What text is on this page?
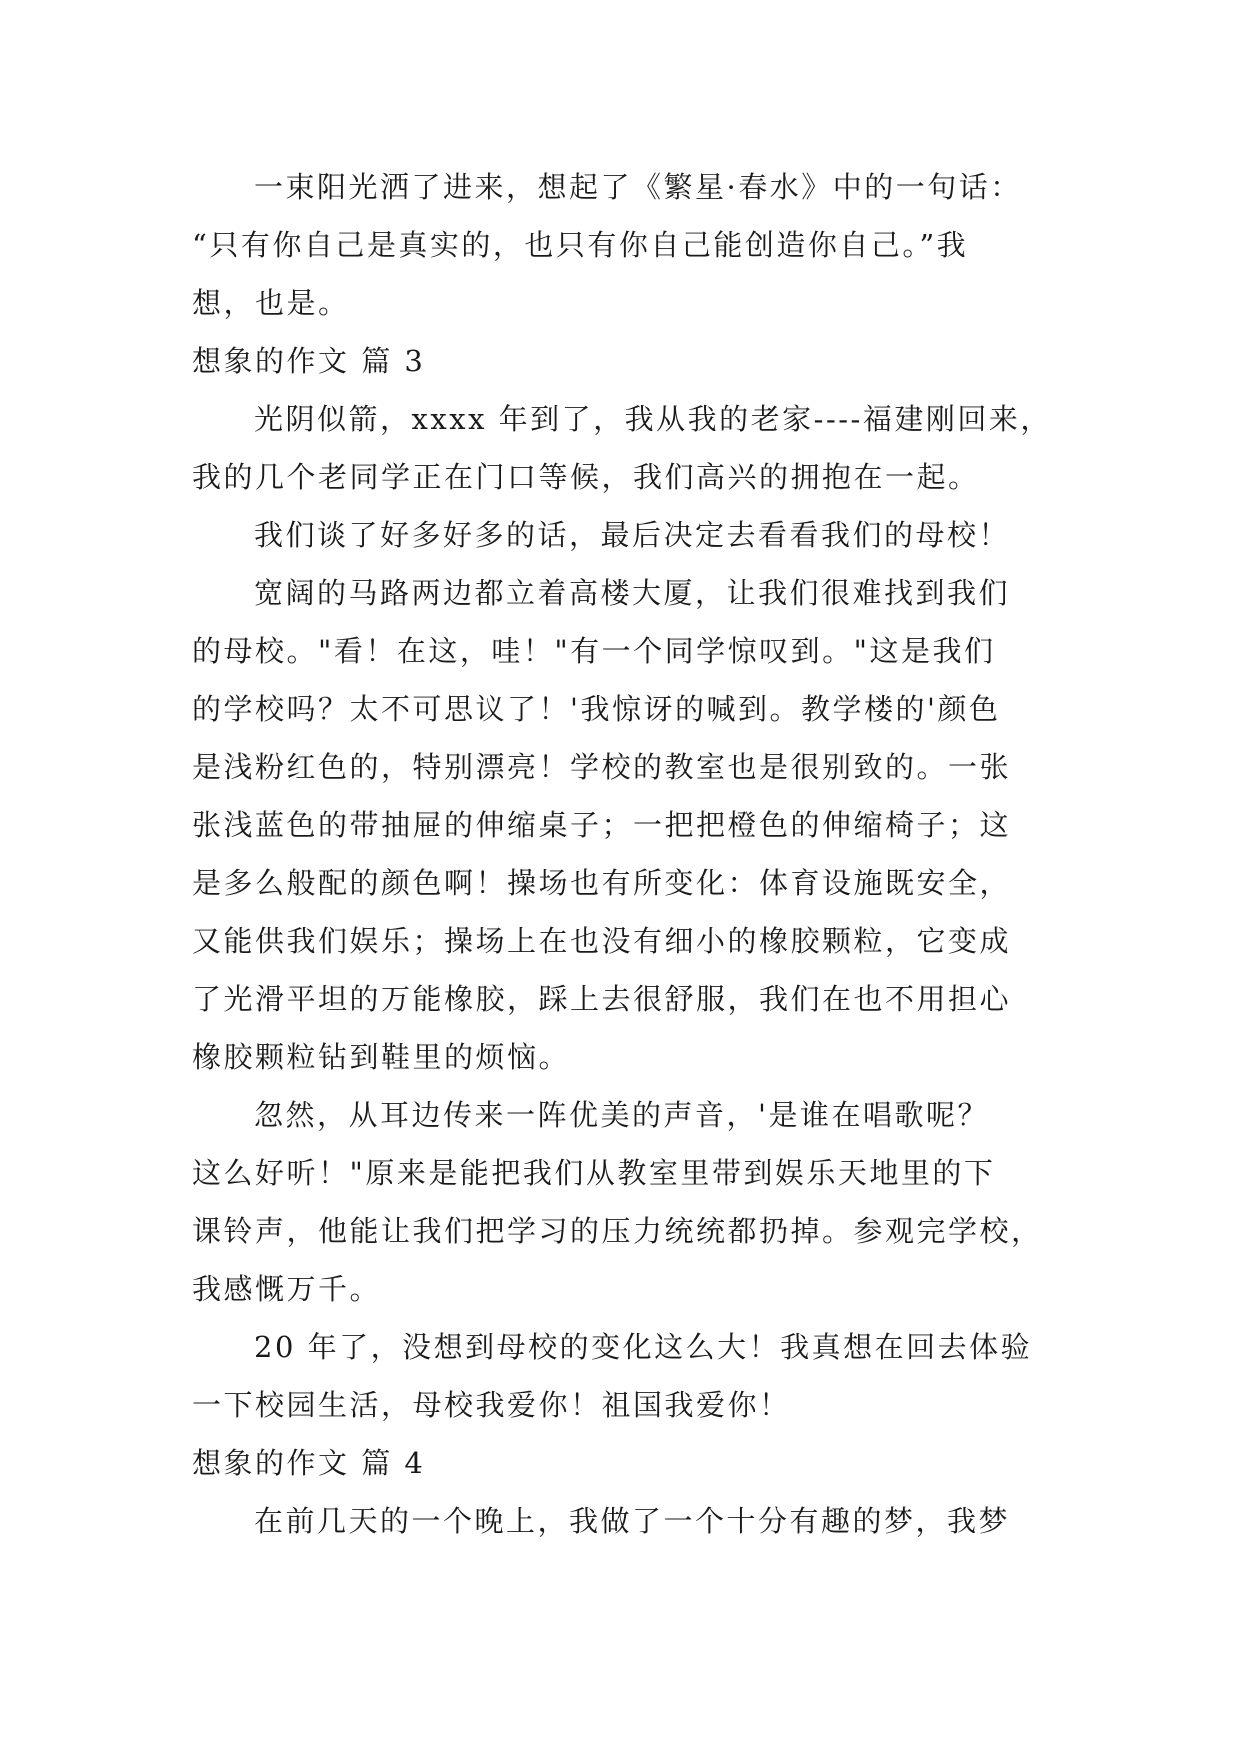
一束阳光洒了进来，想起了《繁星·春水》中的一句话：
“只有你自己是真实的，也只有你自己能创造你自己。”我
想，也是。
想象的作文 篇 3
光阴似箭，xxxx 年到了，我从我的老家----福建刚回来，
我的几个老同学正在门口等候，我们高兴的拥抱在一起。
我们谈了好多好多的话，最后决定去看看我们的母校！
宽阔的马路两边都立着高楼大厦，让我们很难找到我们
的母校。"看！在这，哇！"有一个同学惊叹到。"这是我们
的学校吗？太不可思议了！'我惊讶的喊到。教学楼的'颜色
是浅粉红色的，特别漂亮！学校的教室也是很别致的。一张
张浅蓝色的带抽屉的伸缩桌子；一把把橙色的伸缩椅子；这
是多么般配的颜色啊！操场也有所变化：体育设施既安全，
又能供我们娱乐；操场上在也没有细小的橡胶颗粒，它变成
了光滑平坦的万能橡胶，踩上去很舒服，我们在也不用担心
橡胶颗粒钻到鞋里的烦恼。
忽然，从耳边传来一阵优美的声音，'是谁在唱歌呢？
这么好听！"原来是能把我们从教室里带到娱乐天地里的下
课铃声，他能让我们把学习的压力统统都扔掉。参观完学校，
我感慨万千。
20 年了，没想到母校的变化这么大！我真想在回去体验
一下校园生活，母校我爱你！祖国我爱你！
想象的作文 篇 4
在前几天的一个晚上，我做了一个十分有趣的梦，我梦
